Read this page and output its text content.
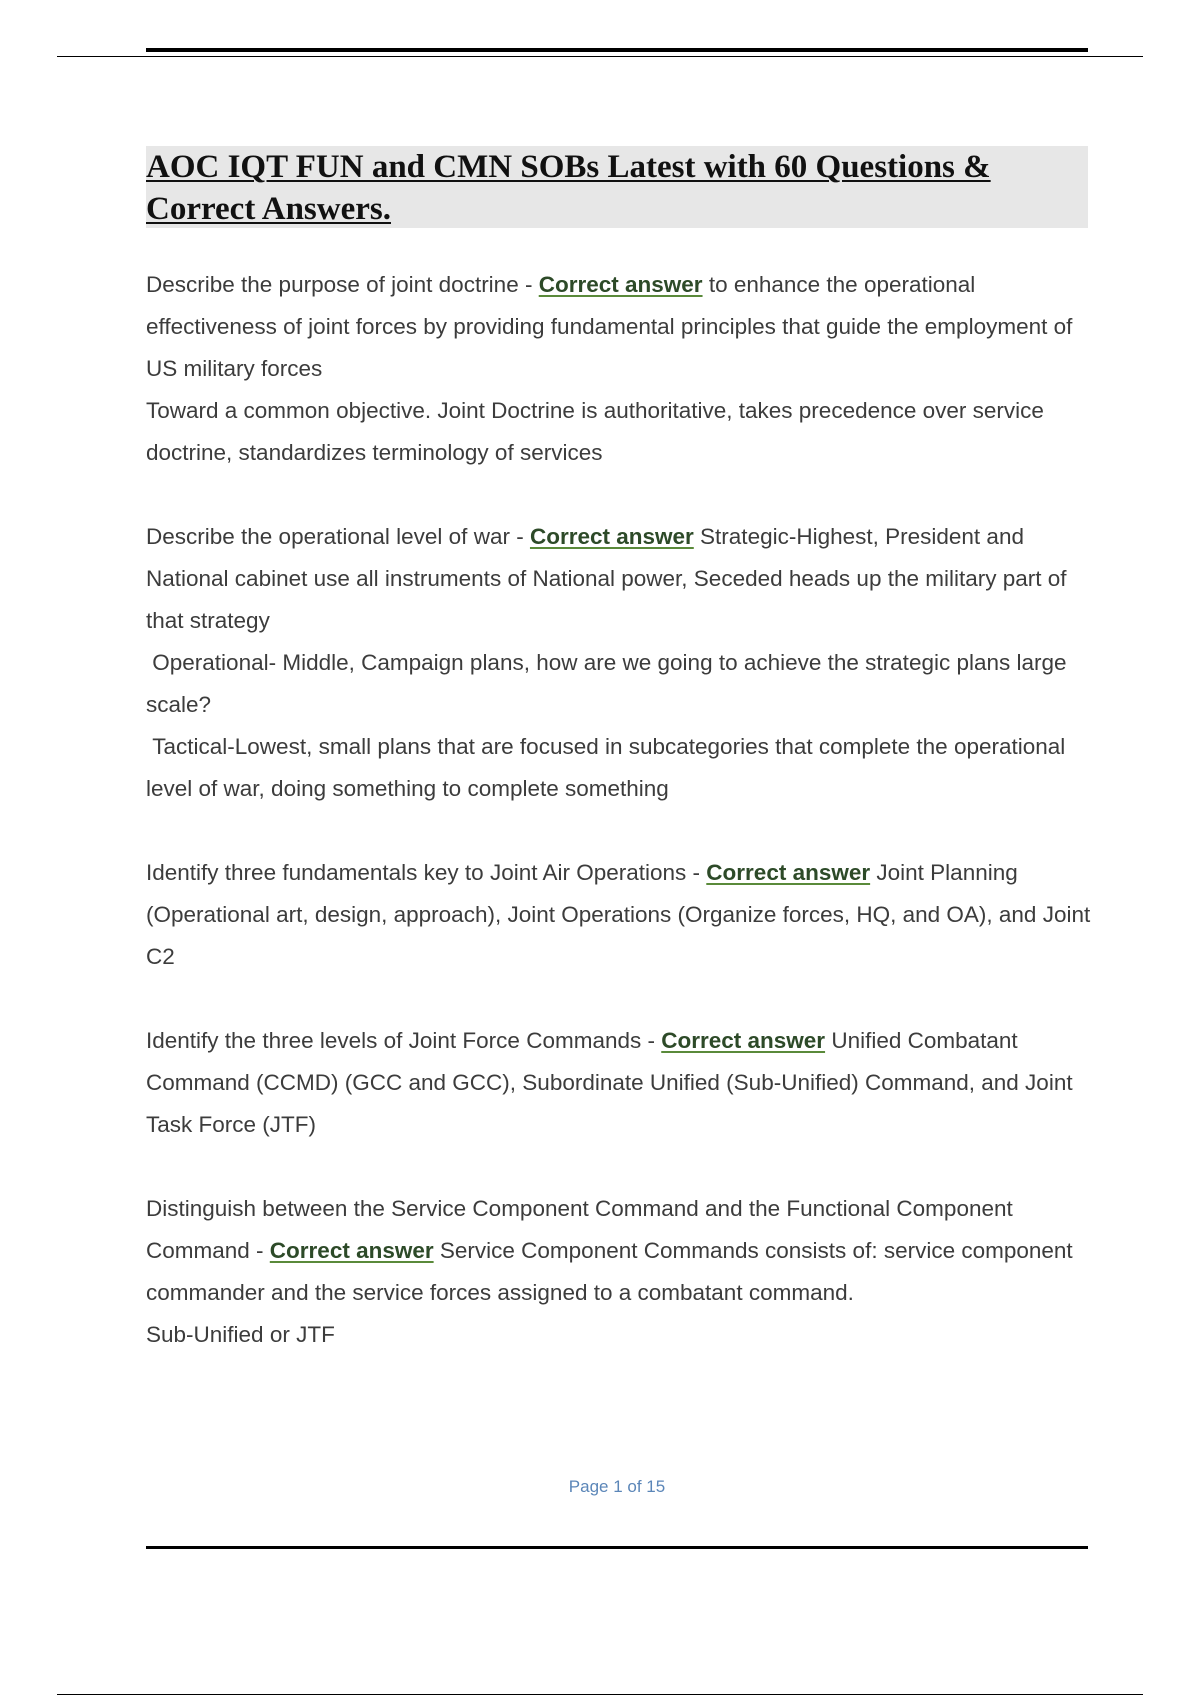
AOC IQT FUN and CMN SOBs Latest with 60 Questions & Correct Answers.

Describe the purpose of joint doctrine - Correct answer to enhance the operational effectiveness of joint forces by providing fundamental principles that guide the employment of US military forces
Toward a common objective. Joint Doctrine is authoritative, takes precedence over service doctrine, standardizes terminology of services

Describe the operational level of war - Correct answer Strategic-Highest, President and National cabinet use all instruments of National power, Seceded heads up the military part of that strategy
Operational- Middle, Campaign plans, how are we going to achieve the strategic plans large scale?
Tactical-Lowest, small plans that are focused in subcategories that complete the operational level of war, doing something to complete something

Identify three fundamentals key to Joint Air Operations - Correct answer Joint Planning (Operational art, design, approach), Joint Operations (Organize forces, HQ, and OA), and Joint C2

Identify the three levels of Joint Force Commands - Correct answer Unified Combatant Command (CCMD) (GCC and GCC), Subordinate Unified (Sub-Unified) Command, and Joint Task Force (JTF)

Distinguish between the Service Component Command and the Functional Component Command - Correct answer Service Component Commands consists of: service component commander and the service forces assigned to a combatant command.
Sub-Unified or JTF

Page 1 of 15
